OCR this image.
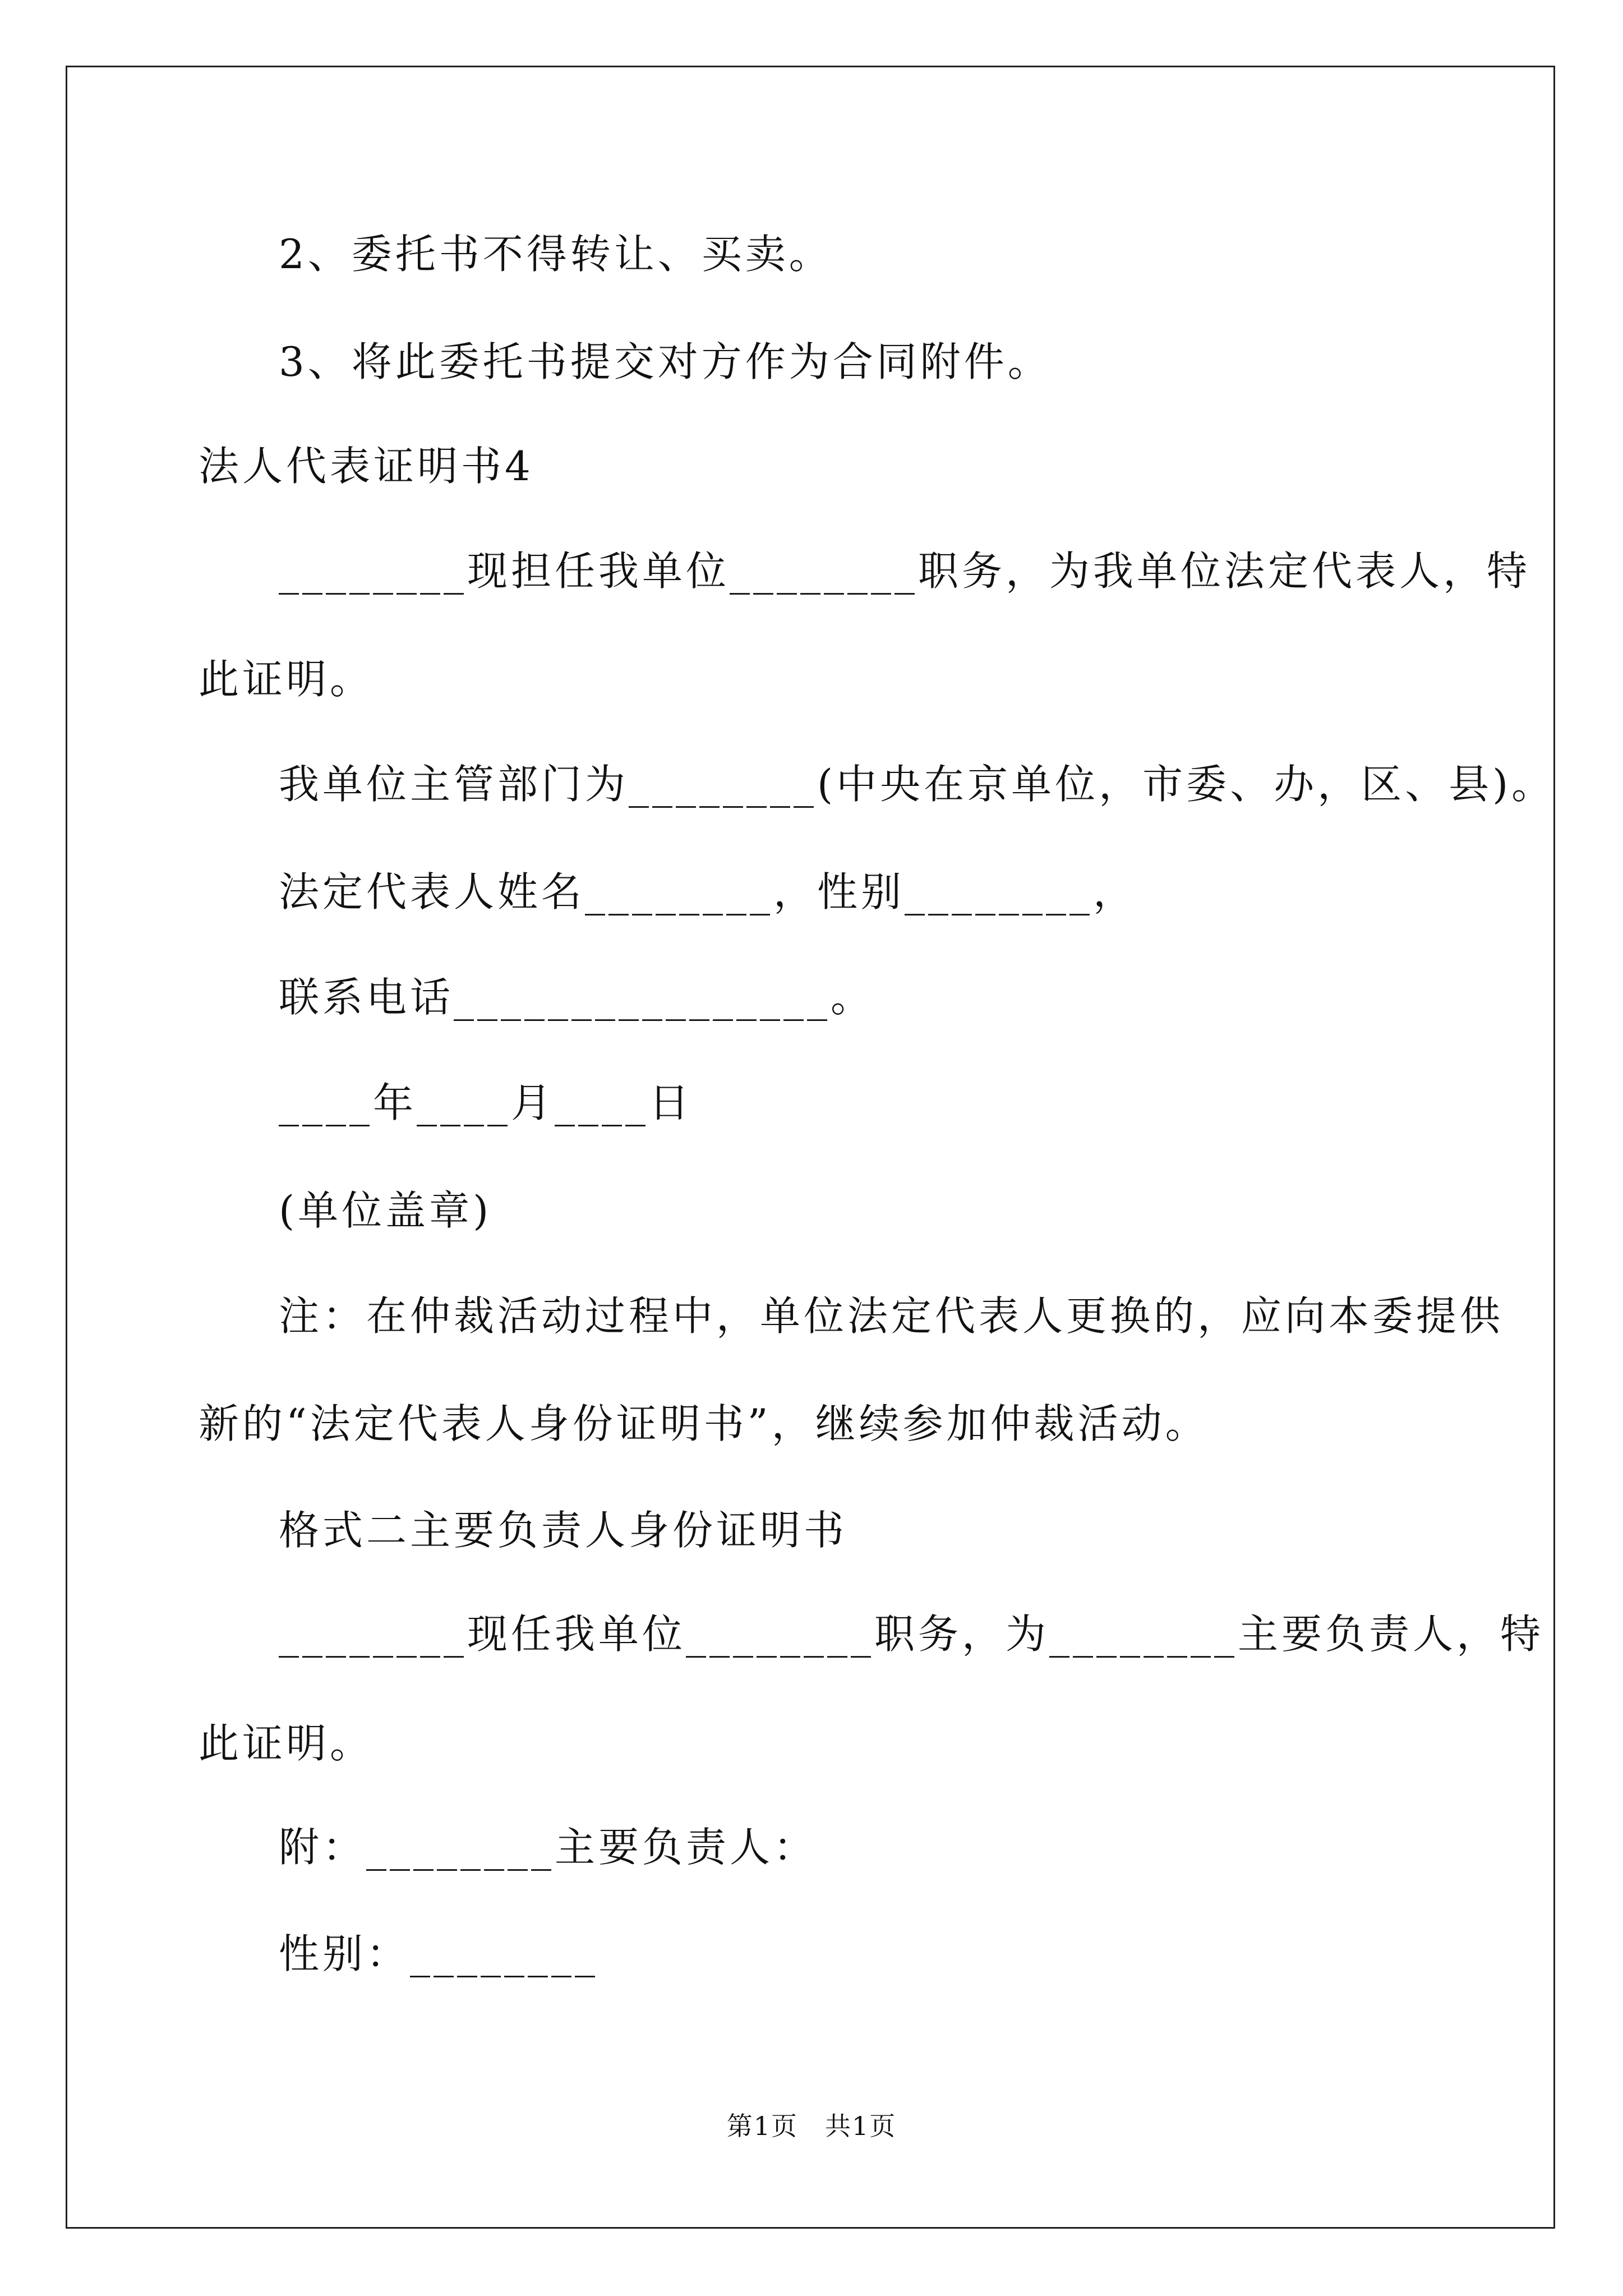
2、委托书不得转让、买卖。
3、将此委托书提交对方作为合同附件。
法人代表证明书4
________现担任我单位________职务，为我单位法定代表人，特
此证明。
我单位主管部门为________(中央在京单位，市委、办，区、县)。
法定代表人姓名________，性别________，
联系电话________________。
____年____月____日
(单位盖章)
注：在仲裁活动过程中，单位法定代表人更换的，应向本委提供
新的“法定代表人身份证明书”，继续参加仲裁活动。
格式二主要负责人身份证明书
________现任我单位________职务，为________主要负责人，特
此证明。
附：________主要负责人：
性别：________
第1页　共1页
